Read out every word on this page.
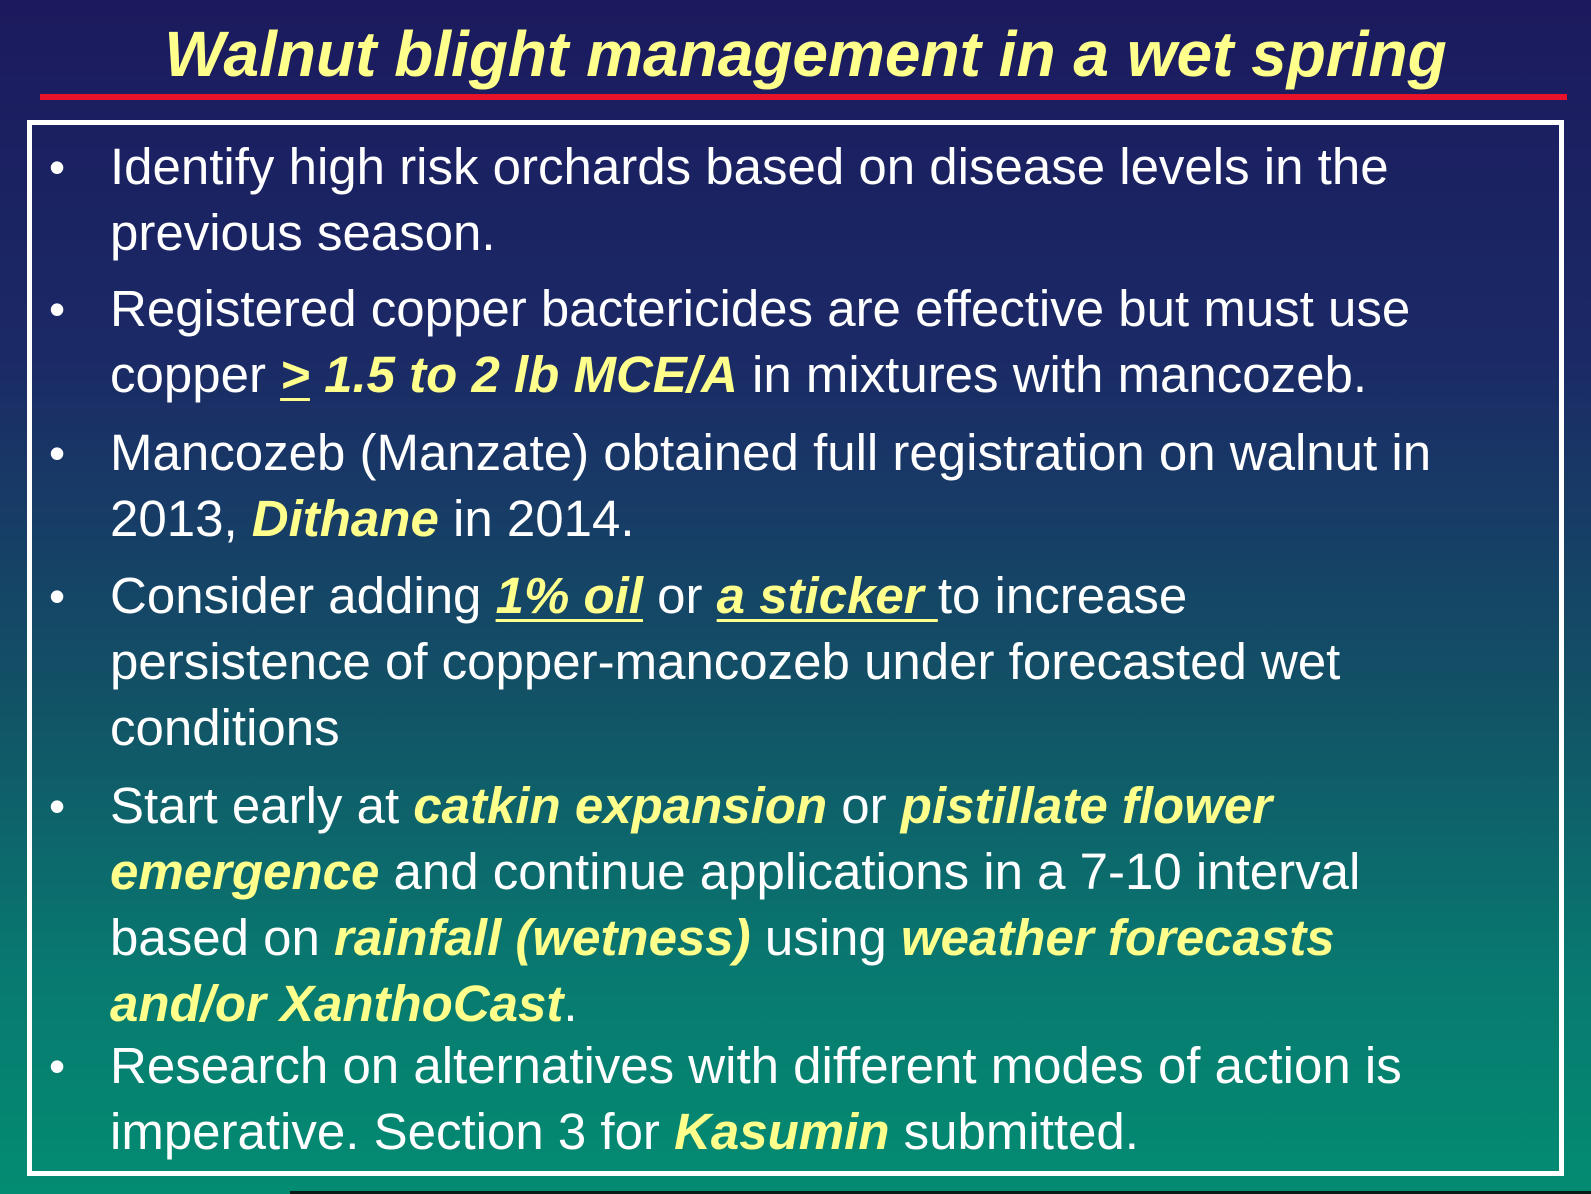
Walnut blight management in a wet spring
• Identify high risk orchards based on disease levels in the
previous season.
• Registered copper bactericides are effective but must use
copper > 1.5 to 2 lb MCE/A in mixtures with mancozeb.
• Mancozeb (Manzate) obtained full registration on walnut in
2013, Dithane in 2014.
• Consider adding 1% oil or a sticker to increase
persistence of copper-mancozeb under forecasted wet
conditions
• Start early at catkin expansion or pistillate flower
emergence and continue applications in a 7-10 interval
based on rainfall (wetness) using weather forecasts
and/or XanthoCast.
• Research on alternatives with different modes of action is
imperative. Section 3 for Kasumin submitted.
